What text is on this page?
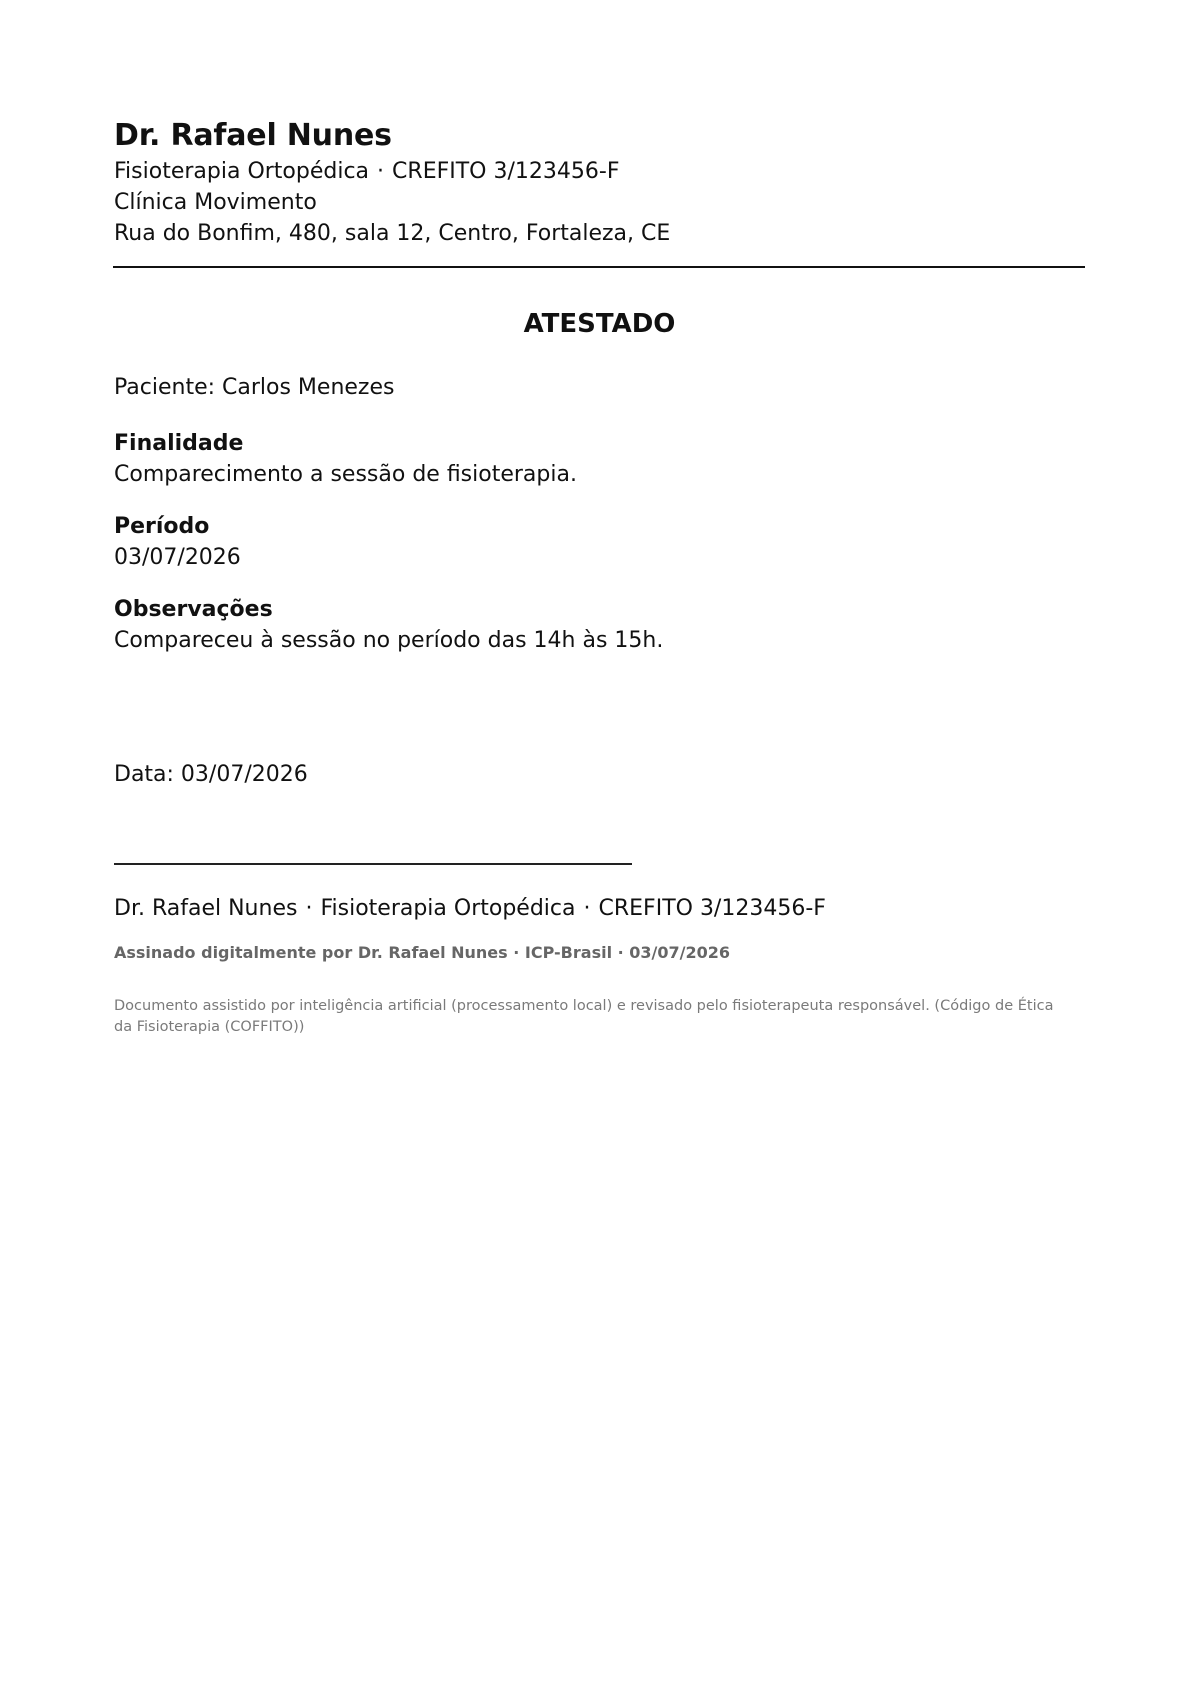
Dr. Rafael Nunes

Fisioterapia Ortopédica · CREFITO 3/123456-F

Clínica Movimento

Rua do Bonfim, 480, sala 12, Centro, Fortaleza, CE

ATESTADO

Paciente: Carlos Menezes

Finalidade

Comparecimento a sessão de fisioterapia.

Período

03/07/2026

Observações

Compareceu à sessão no período das 14h às 15h.

Data: 03/07/2026

Dr. Rafael Nunes · Fisioterapia Ortopédica · CREFITO 3/123456-F

Assinado digitalmente por Dr. Rafael Nunes · ICP-Brasil · 03/07/2026

Documento assistido por inteligência artificial (processamento local) e revisado pelo fisioterapeuta responsável. (Código de Ética da Fisioterapia (COFFITO))
